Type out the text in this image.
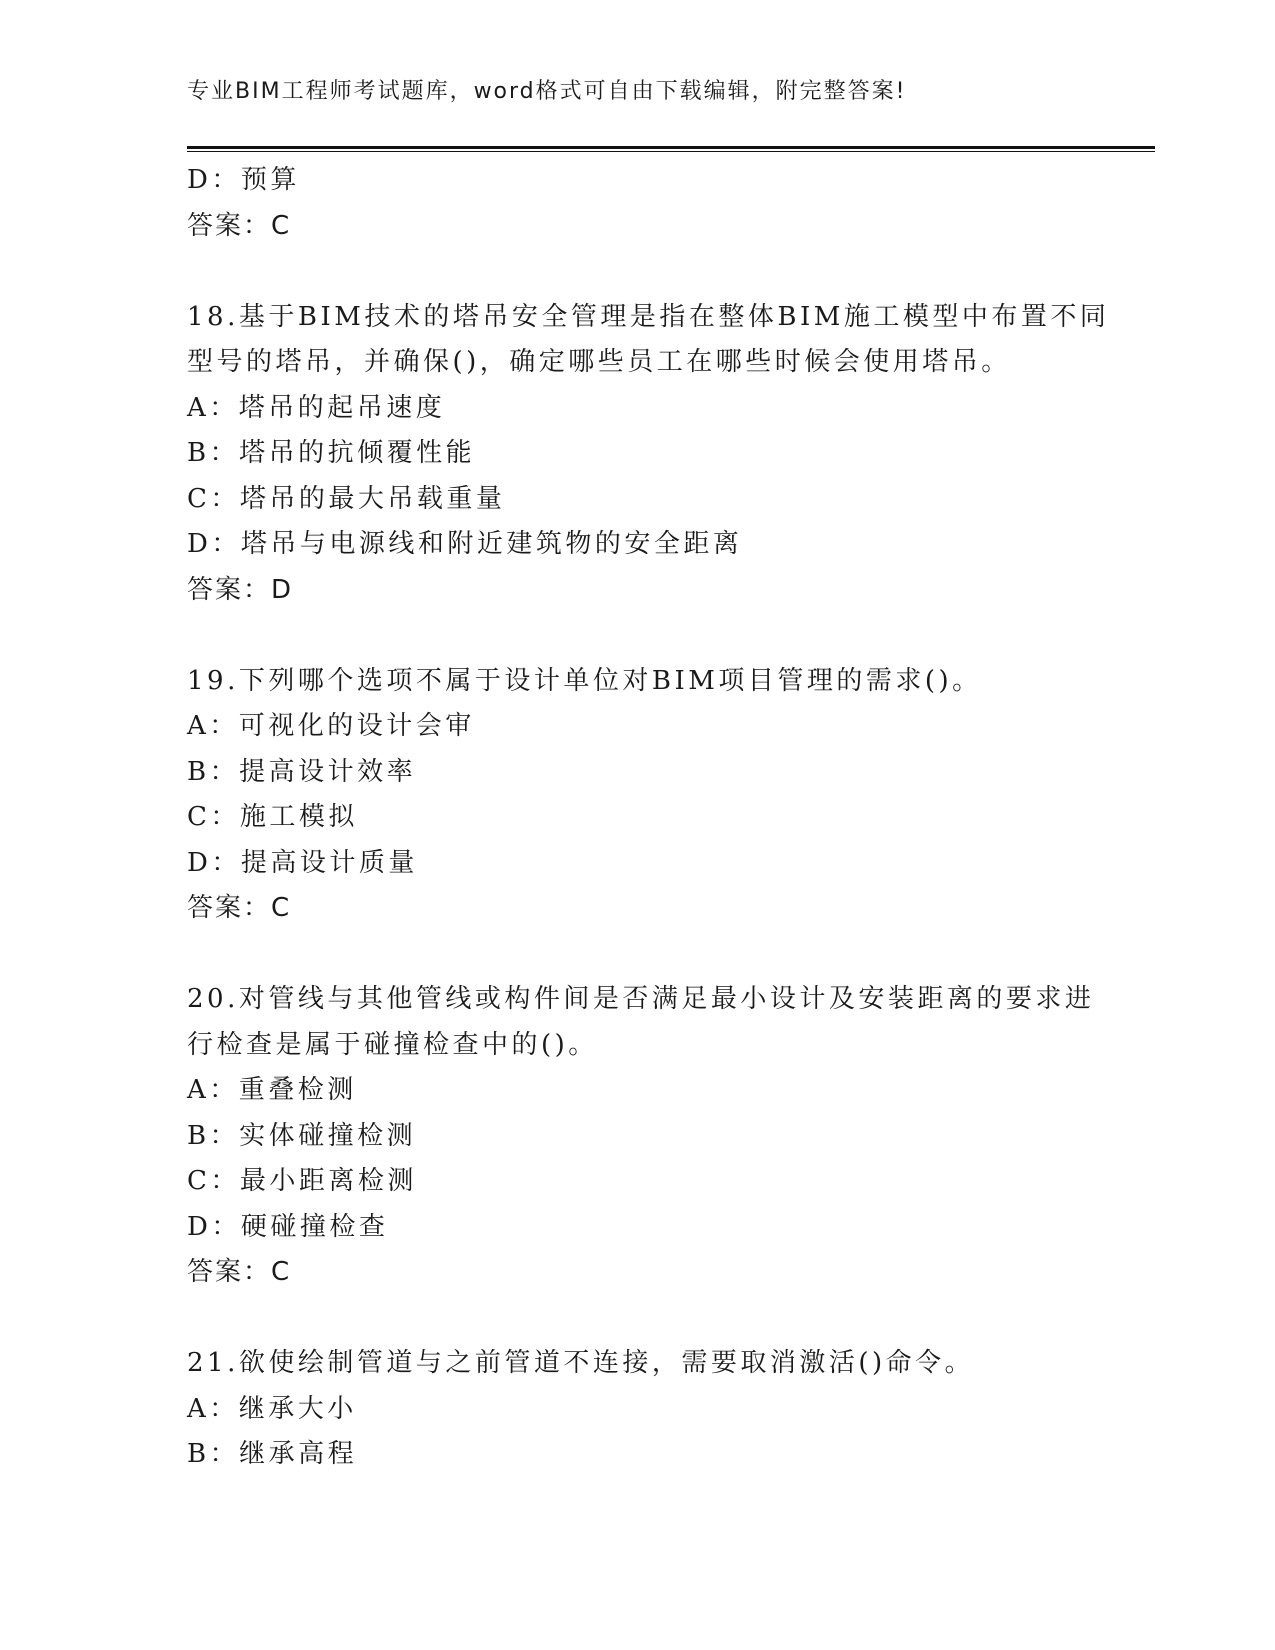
专业BIM工程师考试题库，word格式可自由下载编辑，附完整答案!
D：预算
答案：C
18.基于BIM技术的塔吊安全管理是指在整体BIM施工模型中布置不同
型号的塔吊，并确保()，确定哪些员工在哪些时候会使用塔吊。
A：塔吊的起吊速度
B：塔吊的抗倾覆性能
C：塔吊的最大吊载重量
D：塔吊与电源线和附近建筑物的安全距离
答案：D
19.下列哪个选项不属于设计单位对BIM项目管理的需求()。
A：可视化的设计会审
B：提高设计效率
C：施工模拟
D：提高设计质量
答案：C
20.对管线与其他管线或构件间是否满足最小设计及安装距离的要求进
行检查是属于碰撞检查中的()。
A：重叠检测
B：实体碰撞检测
C：最小距离检测
D：硬碰撞检查
答案：C
21.欲使绘制管道与之前管道不连接，需要取消激活()命令。
A：继承大小
B：继承高程
